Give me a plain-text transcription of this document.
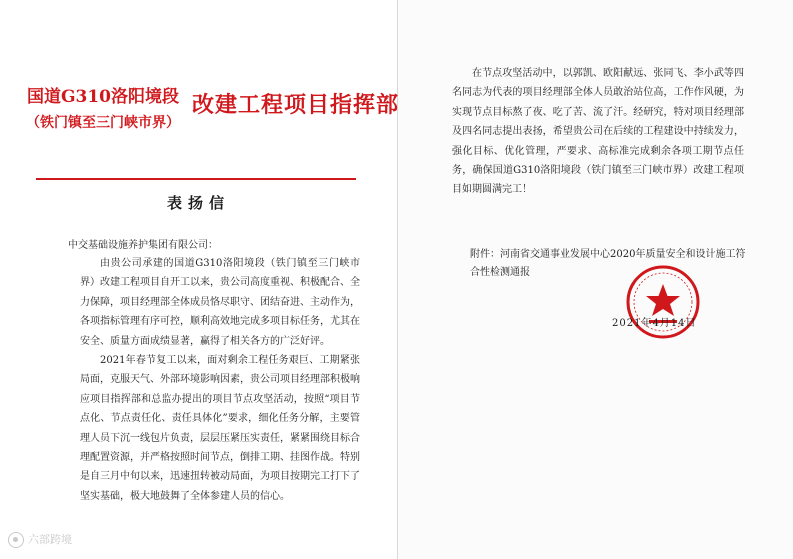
国道G310洛阳境段
（铁门镇至三门峡市界）
改建工程项目指挥部
表扬信
中交基础设施养护集团有限公司：

由贵公司承建的国道G310洛阳境段（铁门镇至三门峡市界）改建工程项目自开工以来，贵公司高度重视、积极配合、全力保障，项目经理部全体成员恪尽职守、团结奋进、主动作为，各项指标管理有序可控，顺利高效地完成多项目标任务，尤其在安全、质量方面成绩显著，赢得了相关各方的广泛好评。

2021年春节复工以来，面对剩余工程任务艰巨、工期紧张局面，克服天气、外部环境影响因素，贵公司项目经理部积极响应项目指挥部和总监办提出的项目节点攻坚活动，按照“项目节点化、节点责任化、责任具体化”要求，细化任务分解，主要管理人员下沉一线包片负责，层层压紧压实责任，紧紧围绕目标合理配置资源，并严格按照时间节点，倒排工期、挂图作战。特别是自三月中旬以来，迅速扭转被动局面，为项目按期完工打下了坚实基础，极大地鼓舞了全体参建人员的信心。

在节点攻坚活动中，以郭凯、欧阳献远、张同飞、李小武等四名同志为代表的项目经理部全体人员敢治站位高，工作作风硬，为实现节点目标熬了夜、吃了苦、流了汗。经研究，特对项目经理部及四名同志提出表扬，希望贵公司在后续的工程建设中持续发力，强化目标、优化管理，严要求、高标准完成剩余各项工期节点任务，确保国道G310洛阳境段（铁门镇至三门峡市界）改建工程项目如期圆满完工！

附件：河南省交通事业发展中心2020年质量安全和设计施工符合性检测通报
2021年4月14日
六部跨境
